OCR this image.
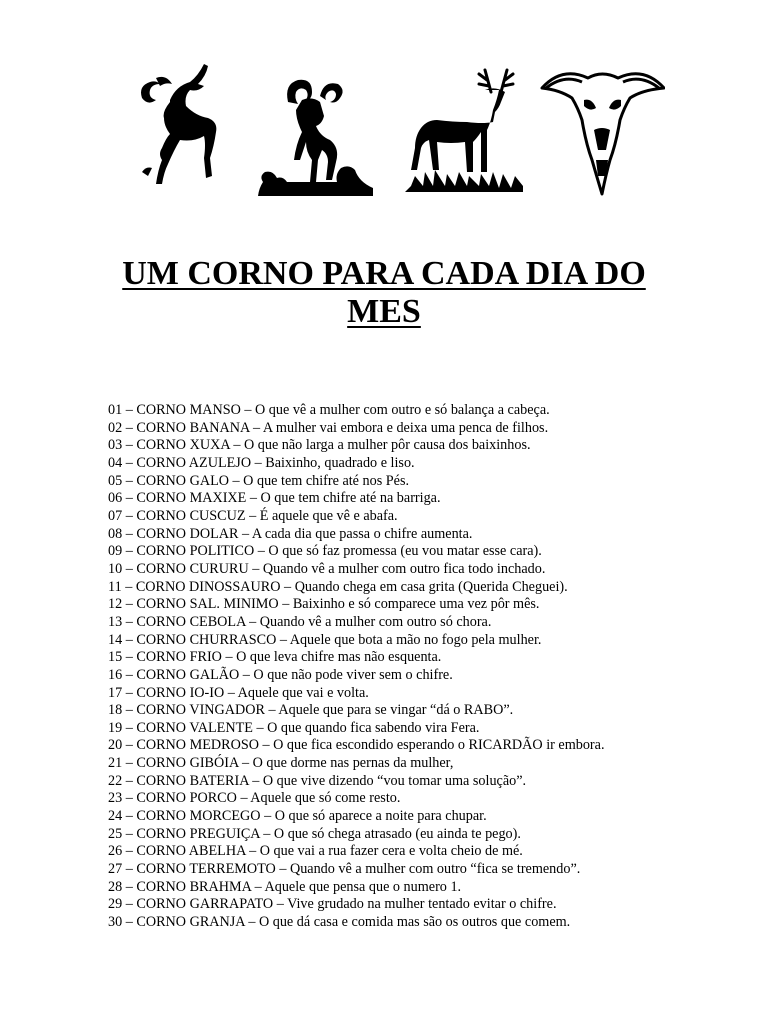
UM CORNO PARA CADA DIA DO
MES
01 – CORNO MANSO – O que vê a mulher com outro e só balança a cabeça.
02 – CORNO BANANA – A mulher vai embora e deixa uma penca de filhos.
03 – CORNO XUXA – O que não larga a mulher pôr causa dos baixinhos.
04 – CORNO AZULEJO – Baixinho, quadrado e liso.
05 – CORNO GALO – O que tem chifre até nos Pés.
06 – CORNO MAXIXE – O que tem chifre até na barriga.
07 – CORNO CUSCUZ – É aquele que vê e abafa.
08 – CORNO DOLAR – A cada dia que passa o chifre aumenta.
09 – CORNO POLITICO – O que só faz promessa (eu vou matar esse cara).
10 – CORNO CURURU – Quando vê a mulher com outro fica todo inchado.
11 – CORNO DINOSSAURO – Quando chega em casa grita (Querida Cheguei).
12 – CORNO SAL. MINIMO – Baixinho e só comparece uma vez pôr mês.
13 – CORNO CEBOLA – Quando vê a mulher com outro só chora.
14 – CORNO CHURRASCO – Aquele que bota a mão no fogo pela mulher.
15 – CORNO FRIO – O que leva chifre mas não esquenta.
16 – CORNO GALÃO – O que não pode viver sem o chifre.
17 – CORNO IO-IO – Aquele que vai e volta.
18 – CORNO VINGADOR – Aquele que para se vingar “dá o RABO”.
19 – CORNO VALENTE – O que quando fica sabendo vira Fera.
20 – CORNO MEDROSO – O que fica escondido esperando o RICARDÃO ir embora.
21 – CORNO GIBÓIA – O que dorme nas pernas da mulher,
22 – CORNO BATERIA – O que vive dizendo “vou tomar uma solução”.
23 – CORNO PORCO – Aquele que só come resto.
24 – CORNO MORCEGO – O que só aparece a noite para chupar.
25 – CORNO PREGUIÇA – O que só chega atrasado (eu ainda te pego).
26 – CORNO ABELHA – O que vai a rua fazer cera e volta cheio de mé.
27 – CORNO TERREMOTO – Quando vê a mulher com outro “fica se tremendo”.
28 – CORNO BRAHMA – Aquele que pensa que o numero 1.
29 – CORNO GARRAPATO – Vive grudado na mulher tentado evitar o chifre.
30 – CORNO GRANJA – O que dá casa e comida mas são os outros que comem.
